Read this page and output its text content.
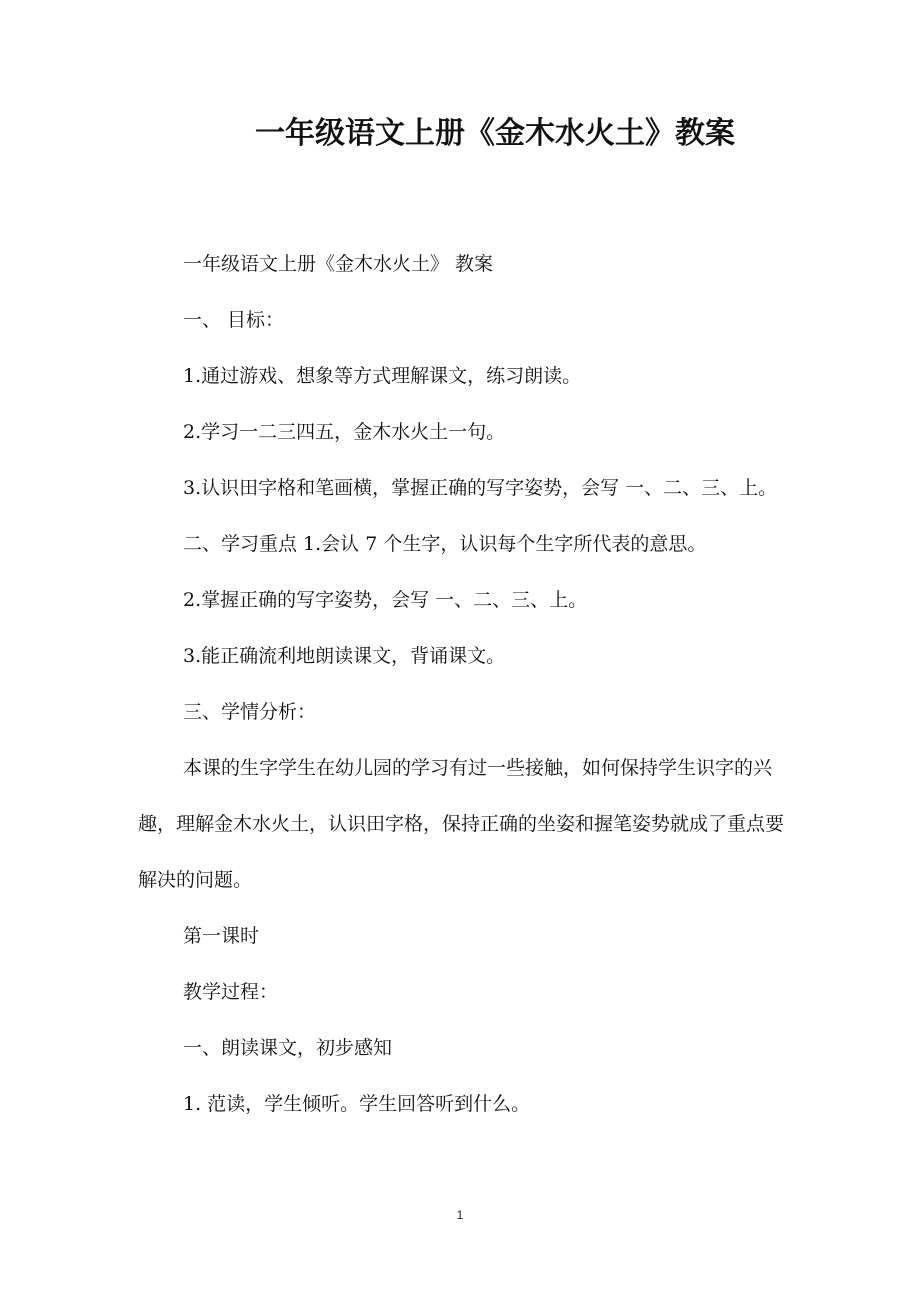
一年级语文上册《金木水火土》教案

一年级语文上册《金木水火土》 教案

一、 目标：

1.通过游戏、想象等方式理解课文，练习朗读。

2.学习一二三四五，金木水火土一句。

3.认识田字格和笔画横，掌握正确的写字姿势，会写 一、二、三、上。

二、学习重点 1.会认 7 个生字，认识每个生字所代表的意思。

2.掌握正确的写字姿势，会写 一、二、三、上。

3.能正确流利地朗读课文，背诵课文。

三、学情分析：

本课的生字学生在幼儿园的学习有过一些接触，如何保持学生识字的兴趣，理解金木水火土，认识田字格，保持正确的坐姿和握笔姿势就成了重点要解决的问题。

第一课时

教学过程：

一、朗读课文，初步感知

1. 范读，学生倾听。学生回答听到什么。

1
